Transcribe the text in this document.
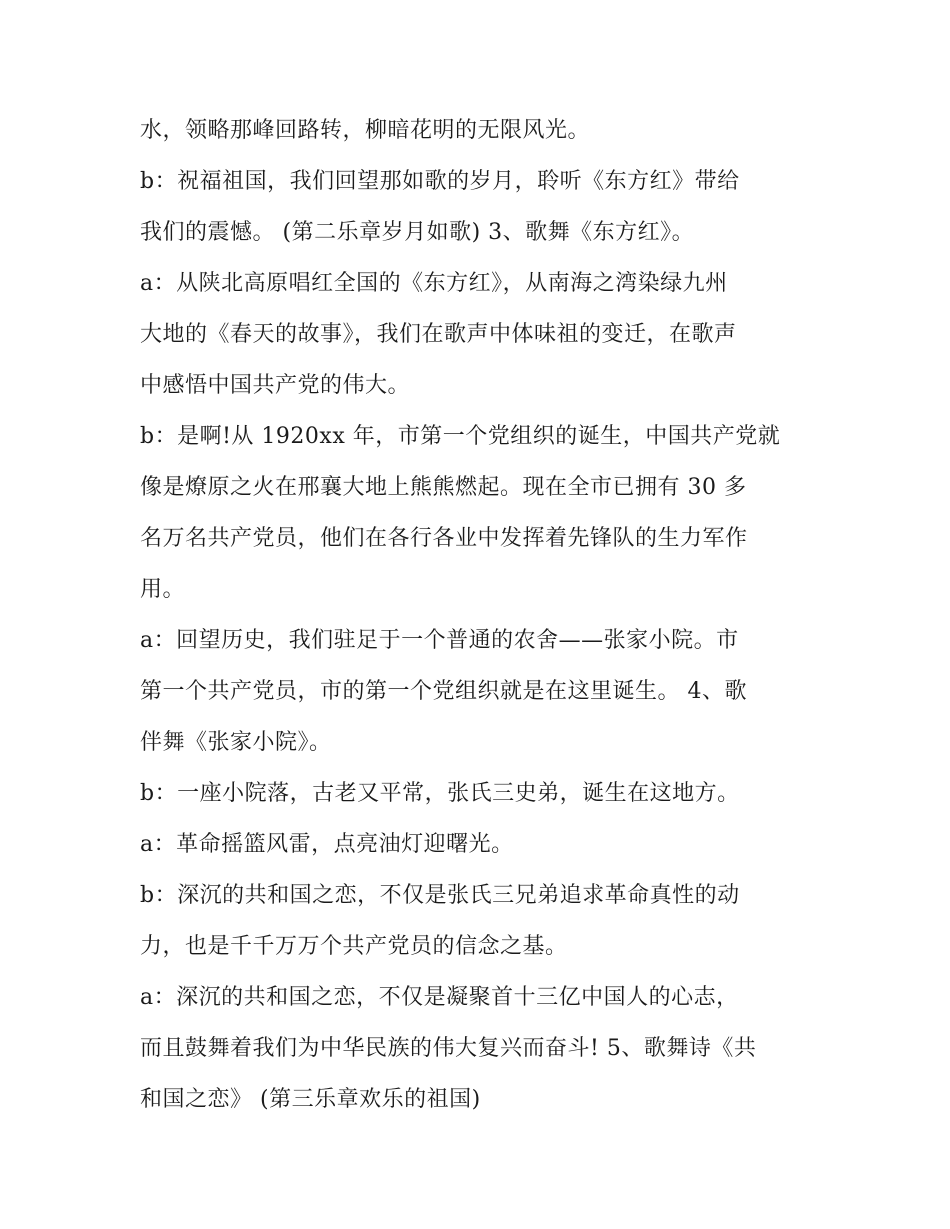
水，领略那峰回路转，柳暗花明的无限风光。
b：祝福祖国，我们回望那如歌的岁月，聆听《东方红》带给
我们的震憾。 (第二乐章岁月如歌) 3、歌舞《东方红》。
a：从陕北高原唱红全国的《东方红》，从南海之湾染绿九州
大地的《春天的故事》，我们在歌声中体味祖的变迁，在歌声
中感悟中国共产党的伟大。
b：是啊!从 1920xx 年，市第一个党组织的诞生，中国共产党就
像是燎原之火在邢襄大地上熊熊燃起。现在全市已拥有 30 多
名万名共产党员，他们在各行各业中发挥着先锋队的生力军作
用。
a：回望历史，我们驻足于一个普通的农舍——张家小院。市
第一个共产党员，市的第一个党组织就是在这里诞生。 4、歌
伴舞《张家小院》。
b：一座小院落，古老又平常，张氏三史弟，诞生在这地方。
a：革命摇篮风雷，点亮油灯迎曙光。
b：深沉的共和国之恋，不仅是张氏三兄弟追求革命真性的动
力，也是千千万万个共产党员的信念之基。
a：深沉的共和国之恋，不仅是凝聚首十三亿中国人的心志，
而且鼓舞着我们为中华民族的伟大复兴而奋斗! 5、歌舞诗《共
和国之恋》 (第三乐章欢乐的祖国)
